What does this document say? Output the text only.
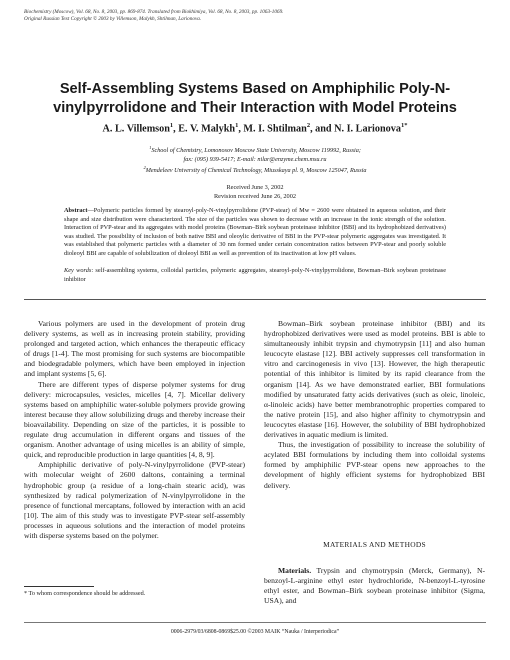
Biochemistry (Moscow), Vol. 68, No. 8, 2003, pp. 869-874. Translated from Biokhimiya, Vol. 68, No. 8, 2003, pp. 1063-1069.
Original Russian Text Copyright © 2003 by Villemson, Malykh, Shtilman, Larionova.
Self-Assembling Systems Based on Amphiphilic Poly-N-vinylpyrrolidone and Their Interaction with Model Proteins
A. L. Villemson$^1$, E. V. Malykh$^1$, M. I. Shtilman$^2$, and N. I. Larionova$^{1*}$
$^1$School of Chemistry, Lomonosov Moscow State University, Moscow 119992, Russia;
fax: (095) 939-5417; E-mail: nilar@enzyme.chem.msu.ru
$^2$Mendeleev University of Chemical Technology, Miusskaya pl. 9, Moscow 125047, Russia
Received June 3, 2002
Revision received June 26, 2002
Abstract—Polymeric particles formed by stearoyl-poly-N-vinylpyrrolidone (PVP-stear) of Mw = 2600 were obtained in aqueous solution, and their shape and size distribution were characterized. The size of the particles was shown to decrease with an increase in the ionic strength of the solution. Interaction of PVP-stear and its aggregates with model proteins (Bowman–Birk soybean proteinase inhibitor (BBI) and its hydrophobized derivatives) was studied. The possibility of inclusion of both native BBI and oleoylic derivative of BBI in the PVP-stear polymeric aggregates was investigated. It was established that polymeric particles with a diameter of 30 nm formed under certain concentration ratios between PVP-stear and poorly soluble dioleoyl BBI are capable of solubilization of dioleoyl BBI as well as prevention of its inactivation at low pH values.
Key words: self-assembling systems, colloidal particles, polymeric aggregates, stearoyl-poly-N-vinylpyrrolidone, Bowman–Birk soybean proteinase inhibitor

Various polymers are used in the development of protein drug delivery systems, as well as in increasing protein stability, providing prolonged and targeted action, which enhances the therapeutic efficacy of drugs [1-4]. The most promising for such systems are biocompatible and biodegradable polymers, which have been employed in injection and implant systems [5, 6].

There are different types of disperse polymer systems for drug delivery: microcapsules, vesicles, micelles [4, 7]. Micellar delivery systems based on amphiphilic water-soluble polymers provide growing interest because they allow solubilizing drugs and thereby increase their bioavailability. Depending on size of the particles, it is possible to regulate drug accumulation in different organs and tissues of the organism. Another advantage of using micelles is an ability of simple, quick, and reproducible production in large quantities [4, 8, 9].

Amphiphilic derivative of poly-N-vinylpyrrolidone (PVP-stear) with molecular weight of 2600 daltons, containing a terminal hydrophobic group (a residue of a long-chain stearic acid), was synthesized by radical polymerization of N-vinylpyrrolidone in the presence of functional mercaptans, followed by interaction with an acid [10]. The aim of this study was to investigate PVP-stear self-assembly processes in aqueous solutions and the interaction of model proteins with disperse systems based on the polymer.

Bowman–Birk soybean proteinase inhibitor (BBI) and its hydrophobized derivatives were used as model proteins. BBI is able to simultaneously inhibit trypsin and chymotrypsin [11] and also human leucocyte elastase [12]. BBI actively suppresses cell transformation in vitro and carcinogenesis in vivo [13]. However, the high therapeutic potential of this inhibitor is limited by its rapid clearance from the organism [14]. As we have demonstrated earlier, BBI formulations modified by unsaturated fatty acids derivatives (such as oleic, linoleic, α-linoleic acids) have better membranotrophic properties compared to the native protein [15], and also higher affinity to chymotrypsin and leucocytes elastase [16]. However, the solubility of BBI hydrophobized derivatives in aquatic medium is limited.

Thus, the investigation of possibility to increase the solubility of acylated BBI formulations by including them into colloidal systems formed by amphiphilic PVP-stear opens new approaches to the development of highly efficient systems for hydrophobized BBI delivery.

MATERIALS AND METHODS

Materials. Trypsin and chymotrypsin (Merck, Germany), N-benzoyl-L-arginine ethyl ester hydrochloride, N-benzoyl-L-tyrosine ethyl ester, and Bowman–Birk soybean proteinase inhibitor (Sigma, USA), and

* To whom correspondence should be addressed.
0006-2979/03/6808-0869$25.00 ©2003 MAIK “Nauka / Interperiodica”
